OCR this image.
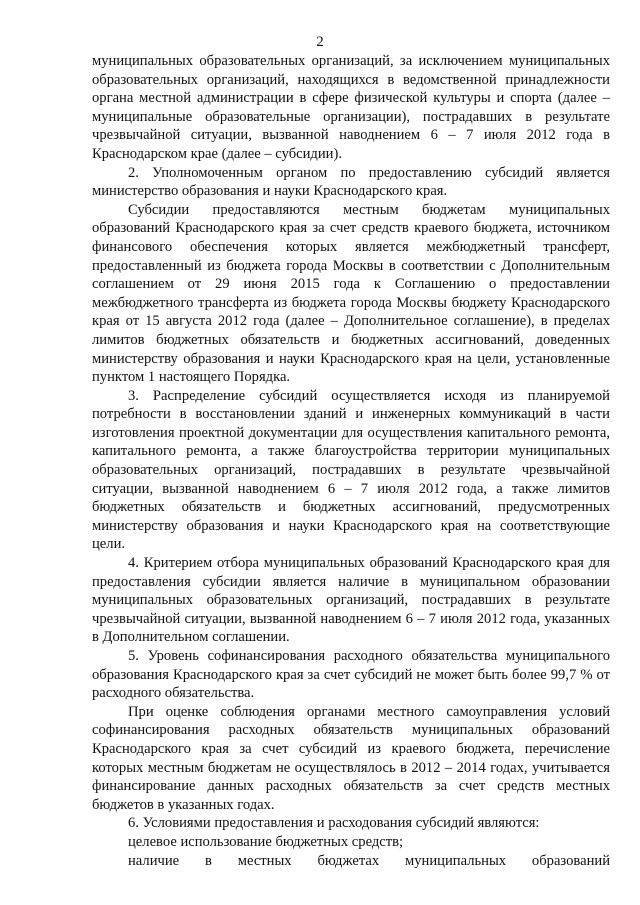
2

муниципальных образовательных организаций, за исключением муниципальных образовательных организаций, находящихся в ведомственной принадлежности органа местной администрации в сфере физической культуры и спорта (далее – муниципальные образовательные организации), пострадавших в результате чрезвычайной ситуации, вызванной наводнением 6 – 7 июля 2012 года в Краснодарском крае (далее – субсидии).

2. Уполномоченным органом по предоставлению субсидий является министерство образования и науки Краснодарского края.

Субсидии предоставляются местным бюджетам муниципальных образований Краснодарского края за счет средств краевого бюджета, источником финансового обеспечения которых является межбюджетный трансферт, предоставленный из бюджета города Москвы в соответствии с Дополнительным соглашением от 29 июня 2015 года к Соглашению о предоставлении межбюджетного трансферта из бюджета города Москвы бюджету Краснодарского края от 15 августа 2012 года (далее – Дополнительное соглашение), в пределах лимитов бюджетных обязательств и бюджетных ассигнований, доведенных министерству образования и науки Краснодарского края на цели, установленные пунктом 1 настоящего Порядка.

3. Распределение субсидий осуществляется исходя из планируемой потребности в восстановлении зданий и инженерных коммуникаций в части изготовления проектной документации для осуществления капитального ремонта, капитального ремонта, а также благоустройства территории муниципальных образовательных организаций, пострадавших в результате чрезвычайной ситуации, вызванной наводнением 6 – 7 июля 2012 года, а также лимитов бюджетных обязательств и бюджетных ассигнований, предусмотренных министерству образования и науки Краснодарского края на соответствующие цели.

4. Критерием отбора муниципальных образований Краснодарского края для предоставления субсидии является наличие в муниципальном образовании муниципальных образовательных организаций, пострадавших в результате чрезвычайной ситуации, вызванной наводнением 6 – 7 июля 2012 года, указанных в Дополнительном соглашении.

5. Уровень софинансирования расходного обязательства муниципального образования Краснодарского края за счет субсидий не может быть более 99,7 % от расходного обязательства.

При оценке соблюдения органами местного самоуправления условий софинансирования расходных обязательств муниципальных образований Краснодарского края за счет субсидий из краевого бюджета, перечисление которых местным бюджетам не осуществлялось в 2012 – 2014 годах, учитывается финансирование данных расходных обязательств за счет средств местных бюджетов в указанных годах.

6. Условиями предоставления и расходования субсидий являются:

целевое использование бюджетных средств;

наличие в местных бюджетах муниципальных образований
